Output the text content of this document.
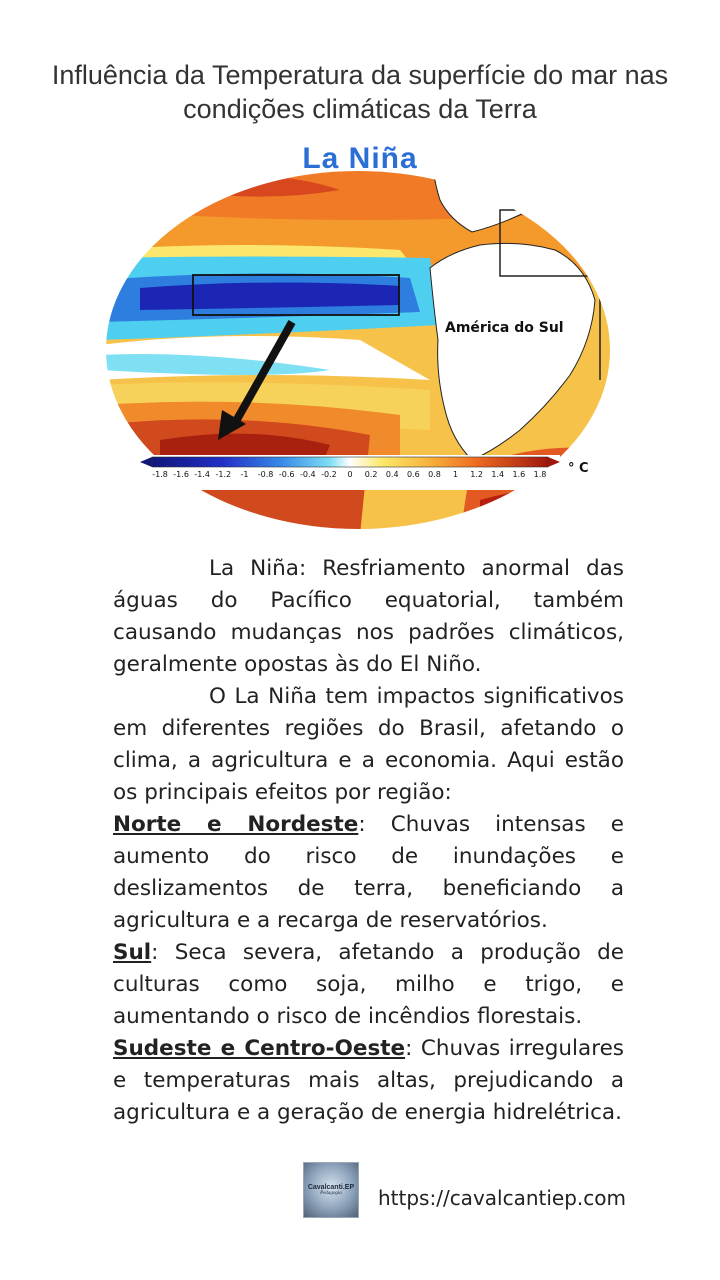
Influência da Temperatura da superfície do mar nas condições climáticas da Terra
América do Sul
-1.8 -1.6 -1.4 -1.2 -1 -0.8 -0.6 -0.4 -0.2 0 0.2 0.4 0.6 0.8 1 1.2 1.4 1.6 1.8 ° C
La Niña

La Niña: Resfriamento anormal das águas do Pacífico equatorial, também causando mudanças nos padrões climáticos, geralmente opostas às do El Niño.

O La Niña tem impactos significativos em diferentes regiões do Brasil, afetando o clima, a agricultura e a economia. Aqui estão os principais efeitos por região:

Norte e Nordeste: Chuvas intensas e aumento do risco de inundações e deslizamentos de terra, beneficiando a agricultura e a recarga de reservatórios.

Sul: Seca severa, afetando a produção de culturas como soja, milho e trigo, e aumentando o risco de incêndios florestais.

Sudeste e Centro-Oeste: Chuvas irregulares e temperaturas mais altas, prejudicando a agricultura e a geração de energia hidrelétrica.

Cavalcanti.EP
Pedagogia https://cavalcantiep.com
